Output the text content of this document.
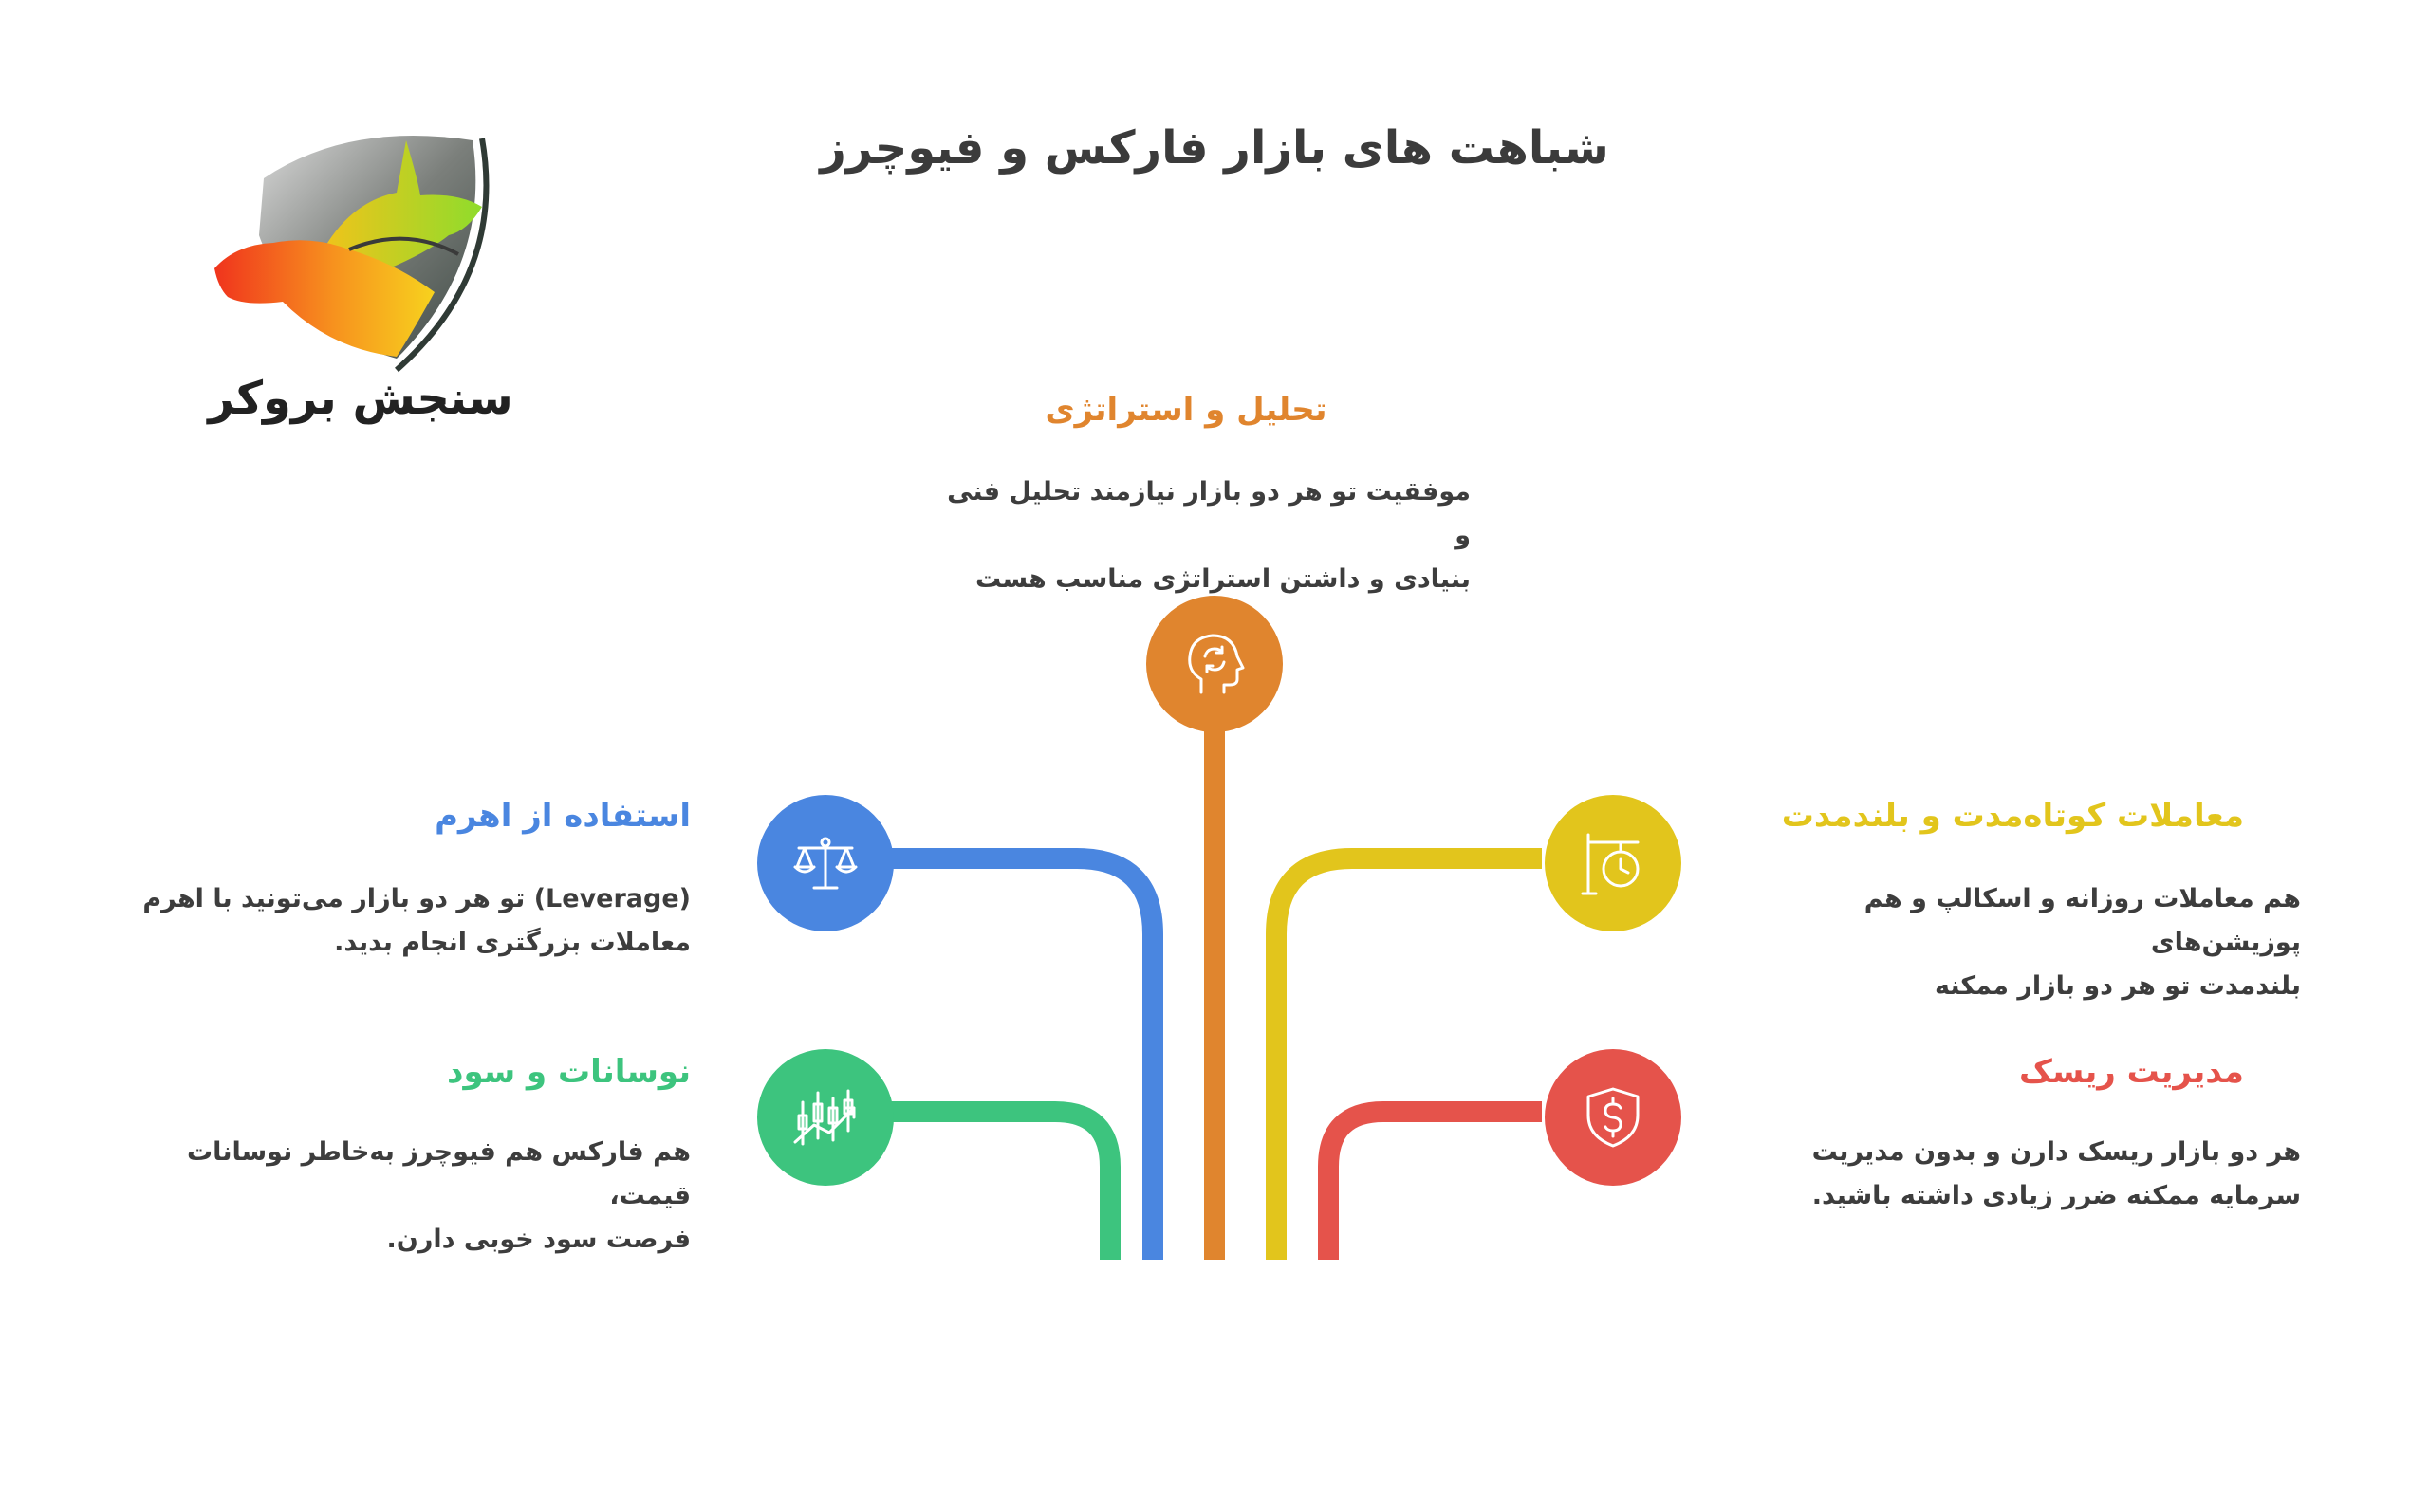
شباهت های بازار فارکس و فیوچرز
سنجش بروکر	تحلیل و استراتژی
موفقیت تو هر دو بازار نیازمند تحلیل فنی و
بنیادی و داشتن استراتژی مناسب هست
استفاده از اهرم
(Leverage) تو هر دو بازار می‌تونید با اهرم
معاملات بزرگتری انجام بدید.
نوسانات و سود
هم فارکس هم فیوچرز به‌خاطر نوسانات قیمت،
فرصت سود خوبی دارن.
معاملات کوتاه‌مدت و بلندمدت
هم معاملات روزانه و اسکالپ و هم پوزیشن‌های
بلندمدت تو هر دو بازار ممکنه
مدیریت ریسک
هر دو بازار ریسک دارن و بدون مدیریت
سرمایه ممکنه ضرر زیادی داشته باشید.
